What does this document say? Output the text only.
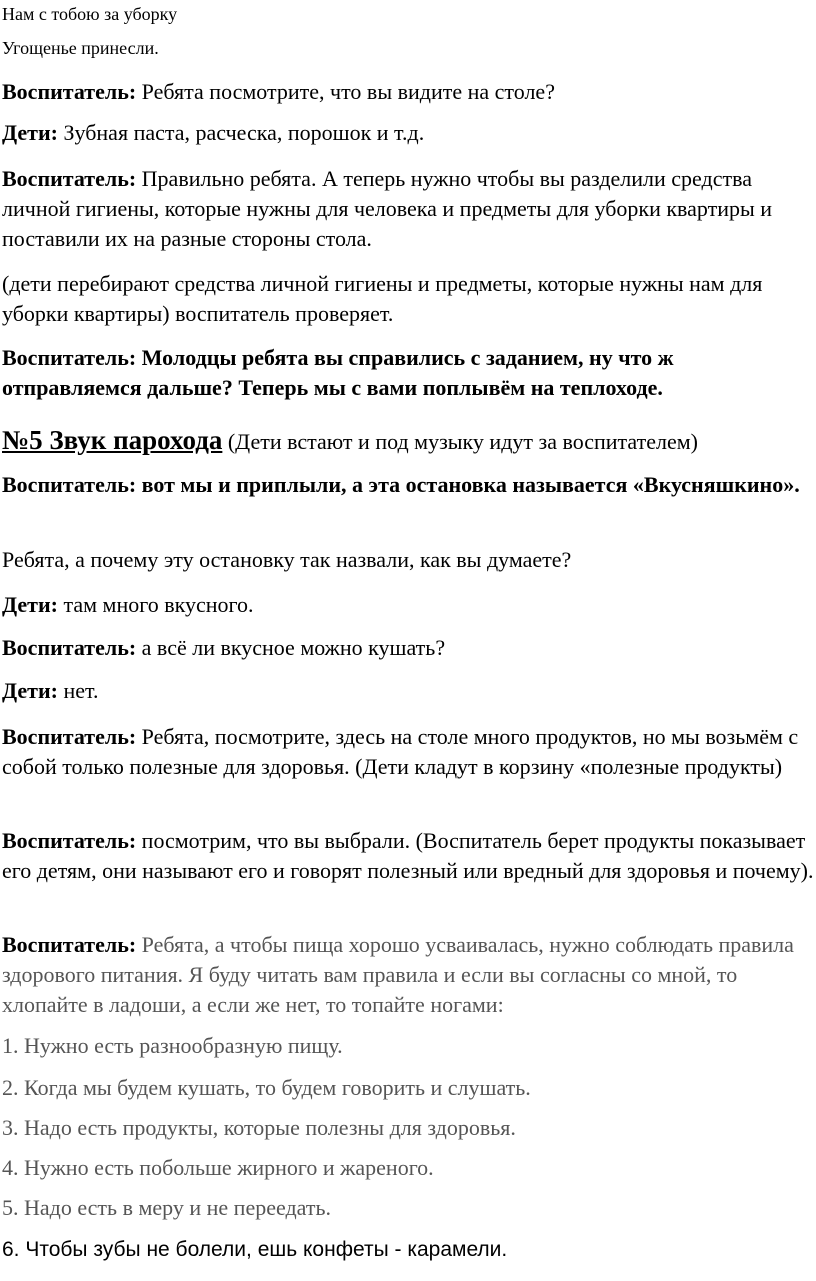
Нам с тобою за уборку

Угощенье принесли.

Воспитатель: Ребята посмотрите, что вы видите на столе?

Дети: Зубная паста, расческа, порошок и т.д.

Воспитатель: Правильно ребята. А теперь нужно чтобы вы разделили средства личной гигиены, которые нужны для человека и предметы для уборки квартиры и поставили их на разные стороны стола.

(дети перебирают средства личной гигиены и предметы, которые нужны нам для уборки квартиры) воспитатель проверяет.

Воспитатель: Молодцы ребята вы справились с заданием, ну что ж отправляемся дальше? Теперь мы с вами поплывём на теплоходе.

№5 Звук парохода (Дети встают и под музыку идут за воспитателем)

Воспитатель: вот мы и приплыли, а эта остановка называется «Вкусняшкино».

Ребята, а почему эту остановку так назвали, как вы думаете?

Дети: там много вкусного.

Воспитатель: а всё ли вкусное можно кушать?

Дети: нет.

Воспитатель: Ребята, посмотрите, здесь на столе много продуктов, но мы возьмём с собой только полезные для здоровья. (Дети кладут в корзину «полезные продукты)

Воспитатель: посмотрим, что вы выбрали. (Воспитатель берет продукты показывает его детям, они называют его и говорят полезный или вредный для здоровья и почему).

Воспитатель: Ребята, а чтобы пища хорошо усваивалась, нужно соблюдать правила здорового питания. Я буду читать вам правила и если вы согласны со мной, то хлопайте в ладоши, а если же нет, то топайте ногами:

1. Нужно есть разнообразную пищу.

2. Когда мы будем кушать, то будем говорить и слушать.

3. Надо есть продукты, которые полезны для здоровья.

4. Нужно есть побольше жирного и жареного.

5. Надо есть в меру и не переедать.

6. Чтобы зубы не болели, ешь конфеты - карамели.
